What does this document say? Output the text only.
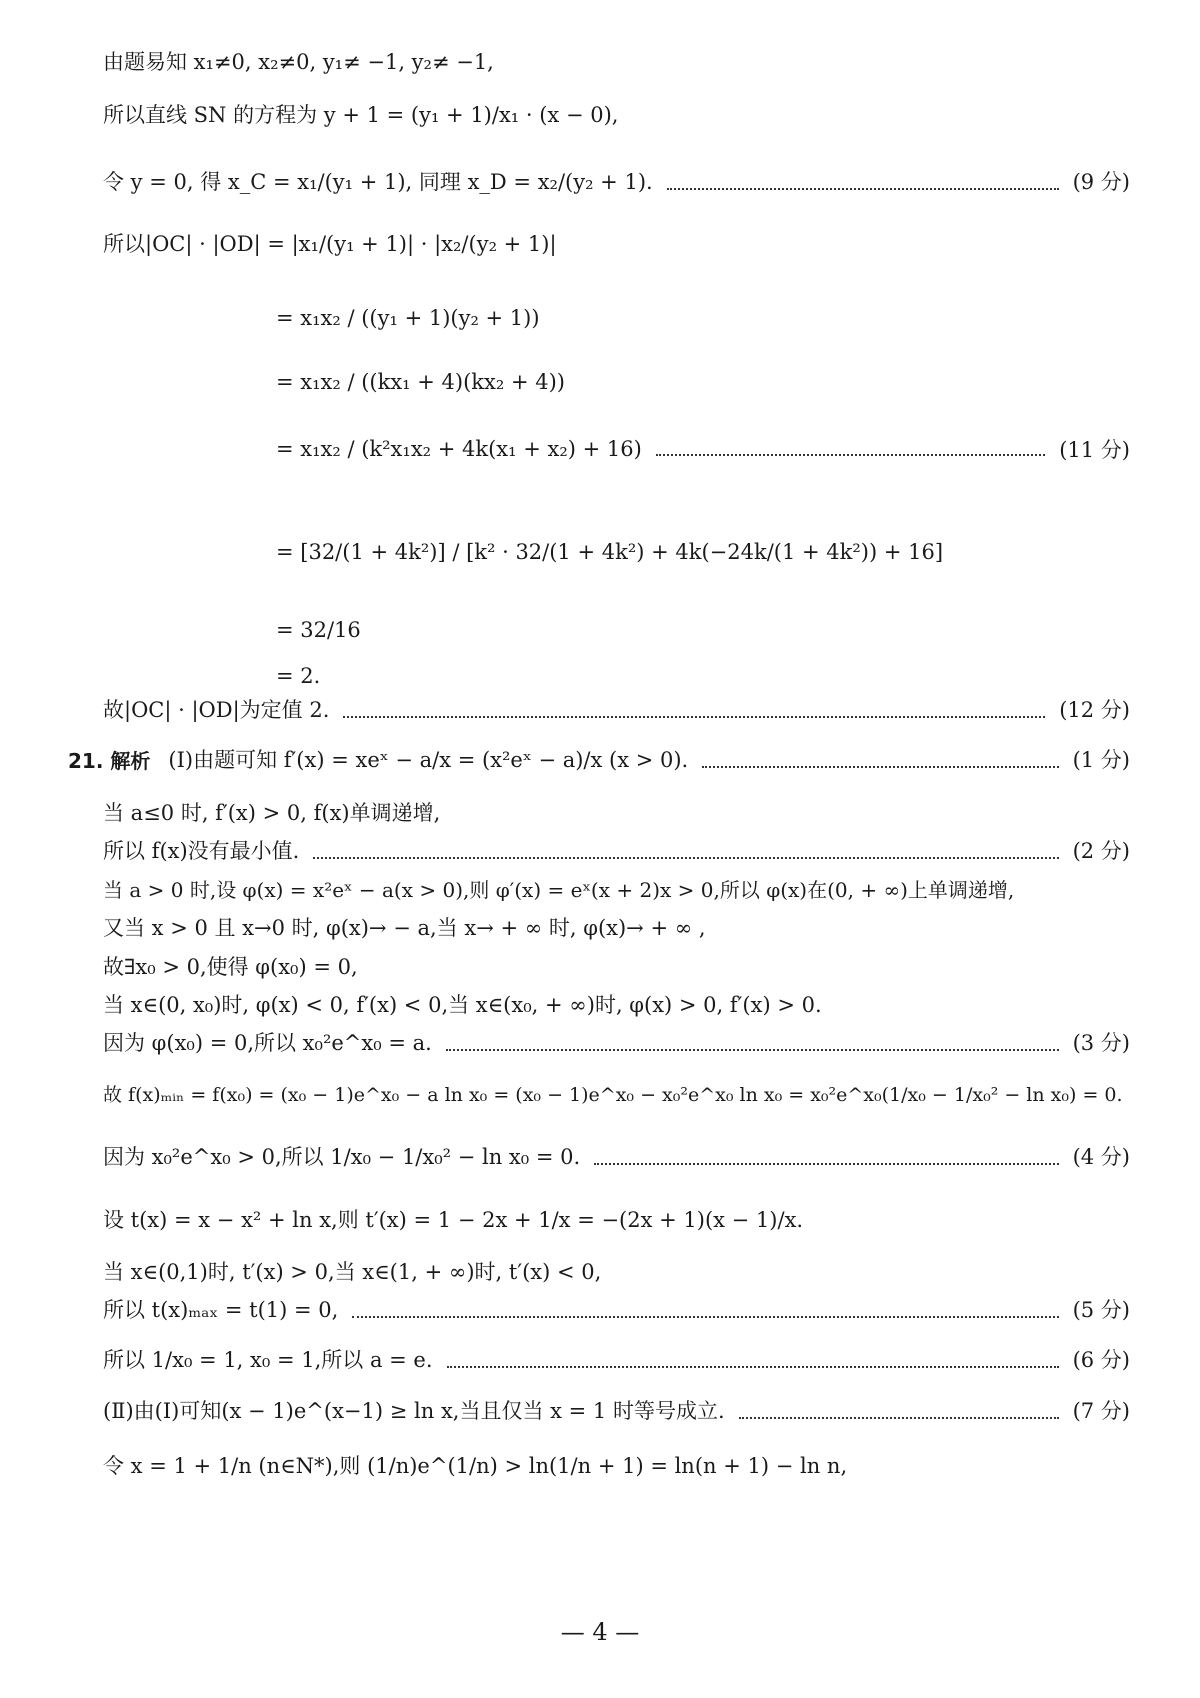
由题易知 x₁≠0, x₂≠0, y₁≠ −1, y₂≠ −1,
所以直线 SN 的方程为 y + 1 = (y₁ + 1)/x₁ · (x − 0),
令 y = 0, 得 x_C = x₁/(y₁ + 1), 同理 x_D = x₂/(y₂ + 1).	(9 分)
所以|OC| · |OD| = |x₁/(y₁ + 1)| · |x₂/(y₂ + 1)|
= x₁x₂ / ((y₁ + 1)(y₂ + 1))
= x₁x₂ / ((kx₁ + 4)(kx₂ + 4))
= x₁x₂ / (k²x₁x₂ + 4k(x₁ + x₂) + 16)	(11 分)
= [32/(1 + 4k²)] / [k² · 32/(1 + 4k²) + 4k(−24k/(1 + 4k²)) + 16]
= 32/16
= 2.
故|OC| · |OD|为定值 2.	(12 分)
21. 解析 (Ⅰ)由题可知 f′(x) = xeˣ − a/x = (x²eˣ − a)/x (x > 0).	(1 分)
当 a≤0 时, f′(x) > 0, f(x)单调递增,
所以 f(x)没有最小值.	(2 分)
当 a > 0 时,设 φ(x) = x²eˣ − a(x > 0),则 φ′(x) = eˣ(x + 2)x > 0,所以 φ(x)在(0, + ∞)上单调递增,
又当 x > 0 且 x→0 时, φ(x)→ − a,当 x→ + ∞ 时, φ(x)→ + ∞ ,
故∃x₀ > 0,使得 φ(x₀) = 0,
当 x∈(0, x₀)时, φ(x) < 0, f′(x) < 0,当 x∈(x₀, + ∞)时, φ(x) > 0, f′(x) > 0.
因为 φ(x₀) = 0,所以 x₀²e^x₀ = a.	(3 分)
故 f(x)ₘᵢₙ = f(x₀) = (x₀ − 1)e^x₀ − a ln x₀ = (x₀ − 1)e^x₀ − x₀²e^x₀ ln x₀ = x₀²e^x₀(1/x₀ − 1/x₀² − ln x₀) = 0.
因为 x₀²e^x₀ > 0,所以 1/x₀ − 1/x₀² − ln x₀ = 0.	(4 分)
设 t(x) = x − x² + ln x,则 t′(x) = 1 − 2x + 1/x = −(2x + 1)(x − 1)/x.
当 x∈(0,1)时, t′(x) > 0,当 x∈(1, + ∞)时, t′(x) < 0,
所以 t(x)ₘₐₓ = t(1) = 0,	(5 分)
所以 1/x₀ = 1, x₀ = 1,所以 a = e.	(6 分)
(Ⅱ)由(Ⅰ)可知(x − 1)e^(x−1) ≥ ln x,当且仅当 x = 1 时等号成立.	(7 分)
令 x = 1 + 1/n (n∈N*),则 (1/n)e^(1/n) > ln(1/n + 1) = ln(n + 1) − ln n,
— 4 —
